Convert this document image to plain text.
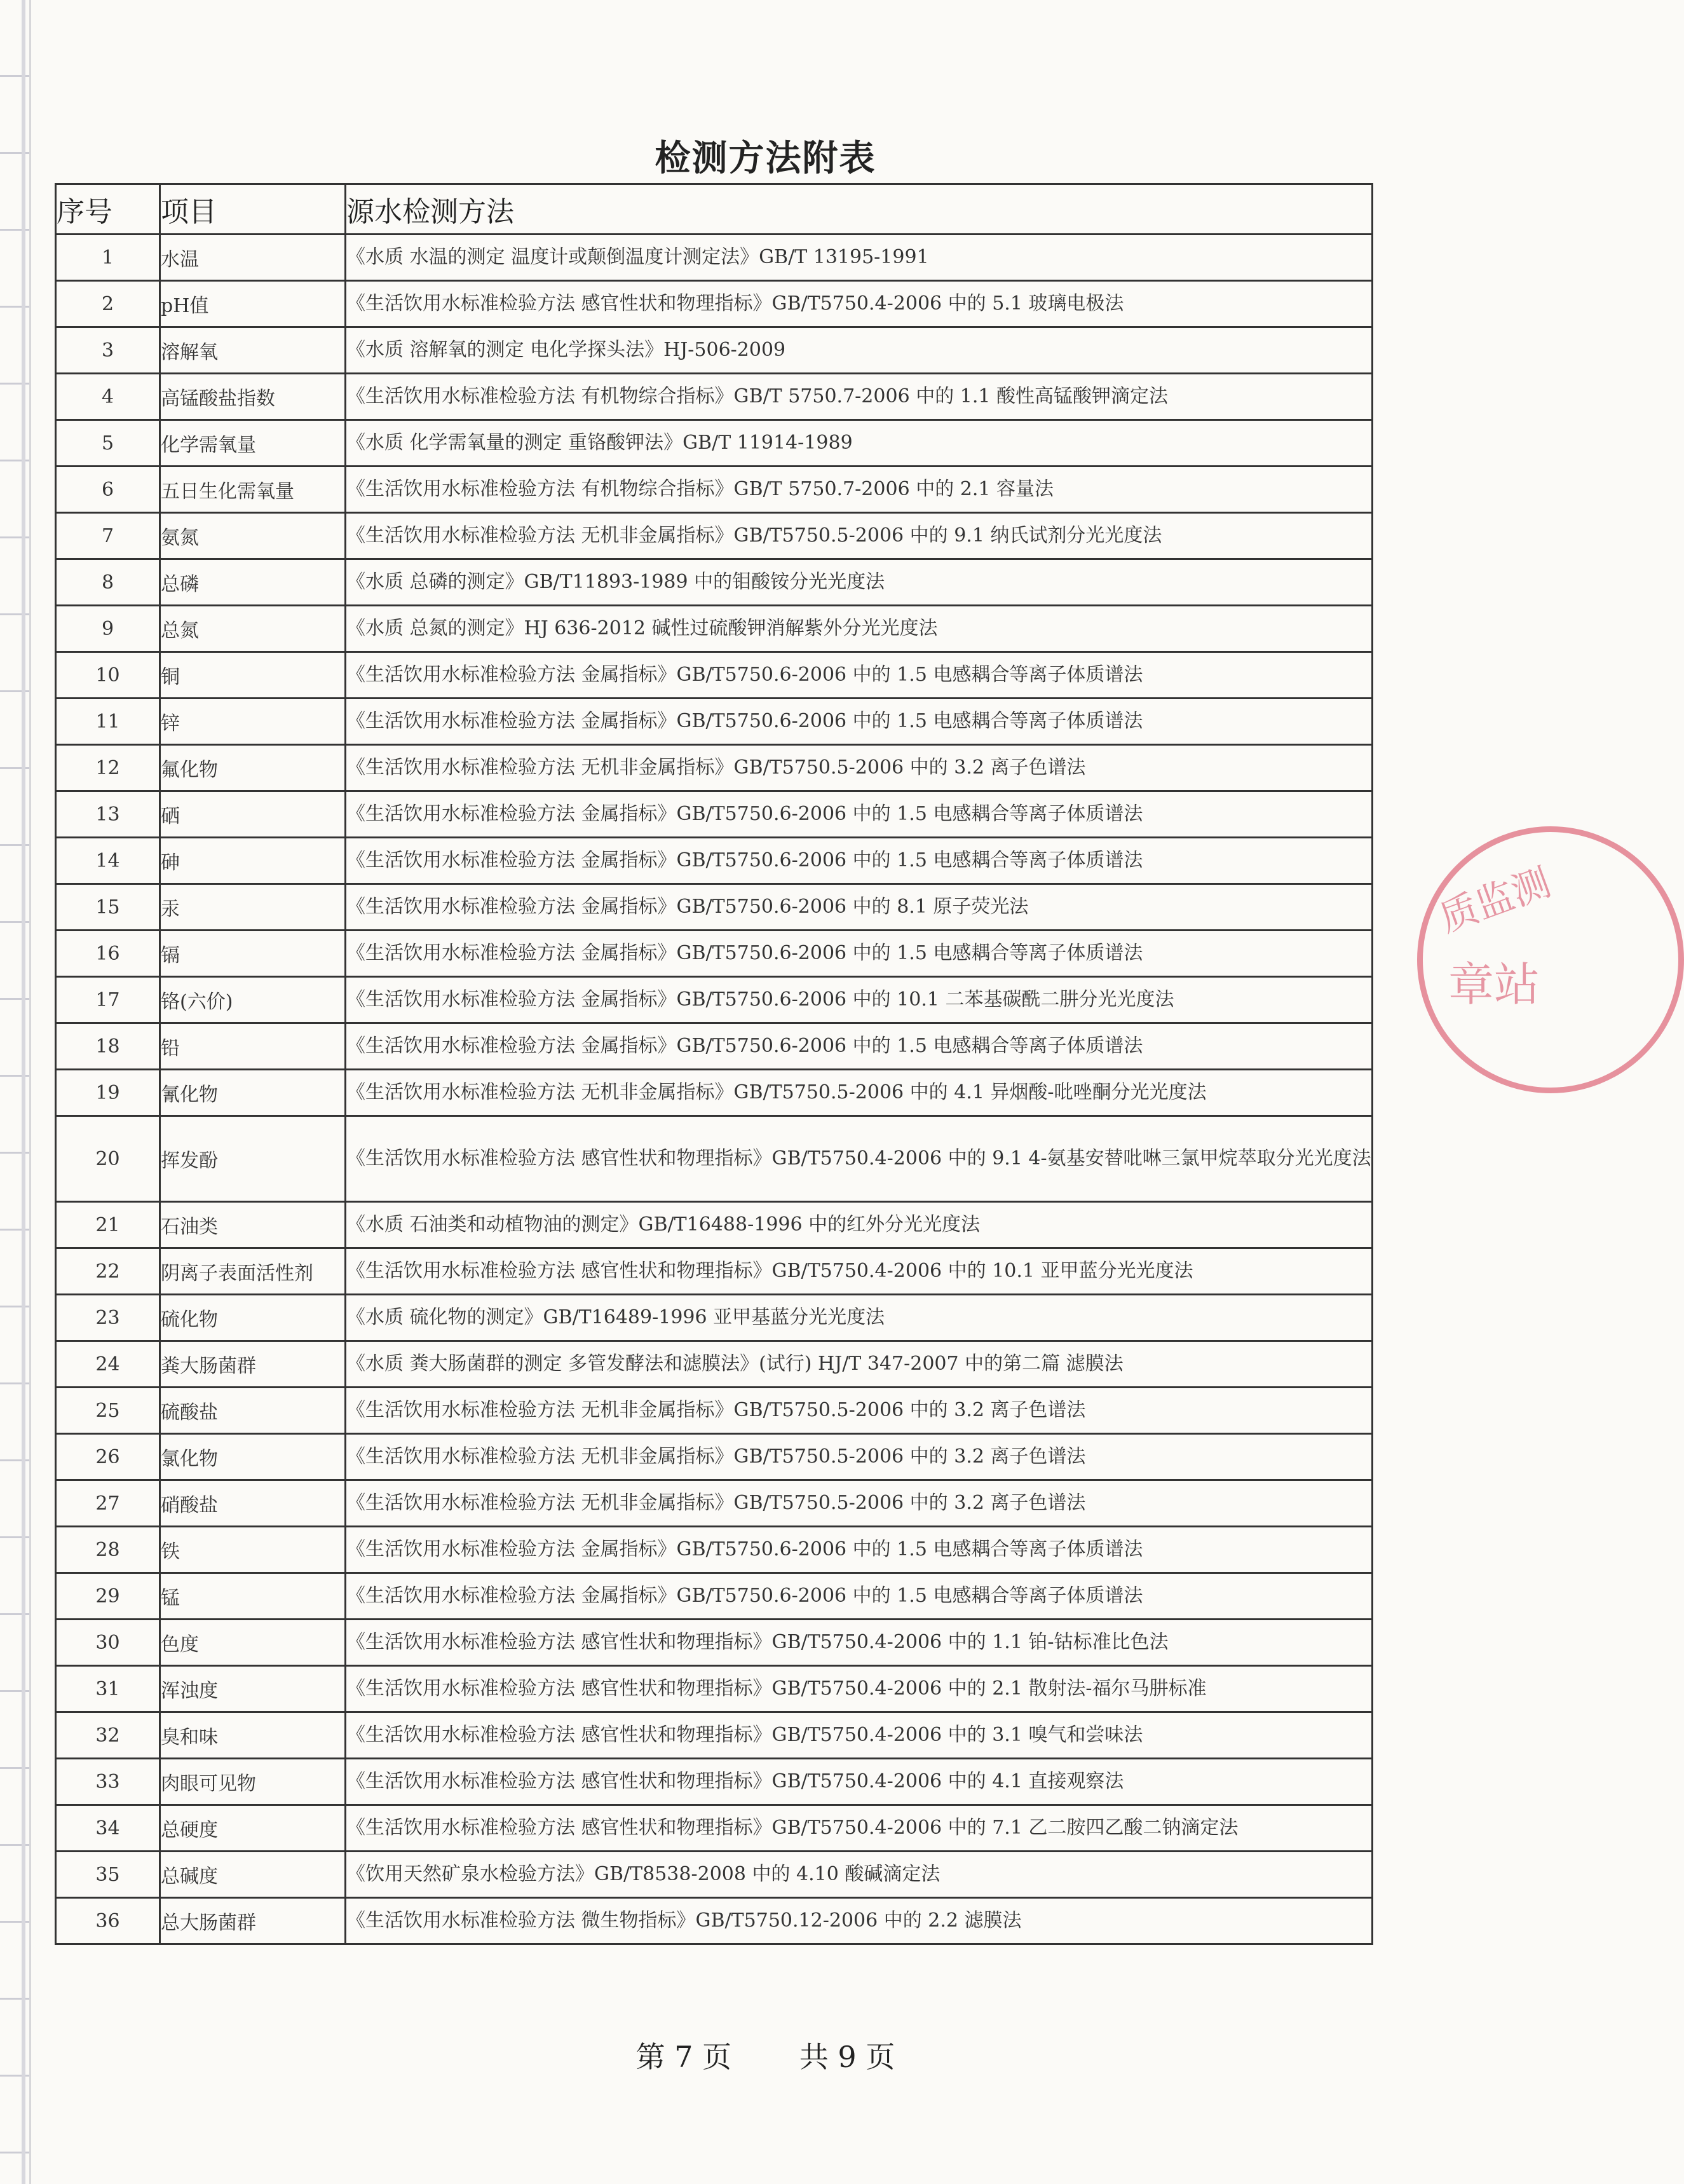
检测方法附表
序号	项目	源水检测方法
1	水温	《水质 水温的测定 温度计或颠倒温度计测定法》GB/T 13195-1991
2	pH值	《生活饮用水标准检验方法 感官性状和物理指标》GB/T5750.4-2006 中的 5.1 玻璃电极法
3	溶解氧	《水质 溶解氧的测定 电化学探头法》HJ-506-2009
4	高锰酸盐指数	《生活饮用水标准检验方法 有机物综合指标》GB/T 5750.7-2006 中的 1.1 酸性高锰酸钾滴定法
5	化学需氧量	《水质 化学需氧量的测定 重铬酸钾法》GB/T 11914-1989
6	五日生化需氧量	《生活饮用水标准检验方法 有机物综合指标》GB/T 5750.7-2006 中的 2.1 容量法
7	氨氮	《生活饮用水标准检验方法 无机非金属指标》GB/T5750.5-2006 中的 9.1 纳氏试剂分光光度法
8	总磷	《水质 总磷的测定》GB/T11893-1989 中的钼酸铵分光光度法
9	总氮	《水质 总氮的测定》HJ 636-2012 碱性过硫酸钾消解紫外分光光度法
10	铜	《生活饮用水标准检验方法 金属指标》GB/T5750.6-2006 中的 1.5 电感耦合等离子体质谱法
11	锌	《生活饮用水标准检验方法 金属指标》GB/T5750.6-2006 中的 1.5 电感耦合等离子体质谱法
12	氟化物	《生活饮用水标准检验方法 无机非金属指标》GB/T5750.5-2006 中的 3.2 离子色谱法
13	硒	《生活饮用水标准检验方法 金属指标》GB/T5750.6-2006 中的 1.5 电感耦合等离子体质谱法
14	砷	《生活饮用水标准检验方法 金属指标》GB/T5750.6-2006 中的 1.5 电感耦合等离子体质谱法
15	汞	《生活饮用水标准检验方法 金属指标》GB/T5750.6-2006 中的 8.1 原子荧光法
16	镉	《生活饮用水标准检验方法 金属指标》GB/T5750.6-2006 中的 1.5 电感耦合等离子体质谱法
17	铬(六价)	《生活饮用水标准检验方法 金属指标》GB/T5750.6-2006 中的 10.1 二苯基碳酰二肼分光光度法
18	铅	《生活饮用水标准检验方法 金属指标》GB/T5750.6-2006 中的 1.5 电感耦合等离子体质谱法
19	氰化物	《生活饮用水标准检验方法 无机非金属指标》GB/T5750.5-2006 中的 4.1 异烟酸-吡唑酮分光光度法
20	挥发酚	《生活饮用水标准检验方法 感官性状和物理指标》GB/T5750.4-2006 中的 9.1 4-氨基安替吡啉三氯甲烷萃取分光光度法
21	石油类	《水质 石油类和动植物油的测定》GB/T16488-1996 中的红外分光光度法
22	阴离子表面活性剂	《生活饮用水标准检验方法 感官性状和物理指标》GB/T5750.4-2006 中的 10.1 亚甲蓝分光光度法
23	硫化物	《水质 硫化物的测定》GB/T16489-1996 亚甲基蓝分光光度法
24	粪大肠菌群	《水质 粪大肠菌群的测定 多管发酵法和滤膜法》(试行) HJ/T 347-2007 中的第二篇 滤膜法
25	硫酸盐	《生活饮用水标准检验方法 无机非金属指标》GB/T5750.5-2006 中的 3.2 离子色谱法
26	氯化物	《生活饮用水标准检验方法 无机非金属指标》GB/T5750.5-2006 中的 3.2 离子色谱法
27	硝酸盐	《生活饮用水标准检验方法 无机非金属指标》GB/T5750.5-2006 中的 3.2 离子色谱法
28	铁	《生活饮用水标准检验方法 金属指标》GB/T5750.6-2006 中的 1.5 电感耦合等离子体质谱法
29	锰	《生活饮用水标准检验方法 金属指标》GB/T5750.6-2006 中的 1.5 电感耦合等离子体质谱法
30	色度	《生活饮用水标准检验方法 感官性状和物理指标》GB/T5750.4-2006 中的 1.1 铂-钴标准比色法
31	浑浊度	《生活饮用水标准检验方法 感官性状和物理指标》GB/T5750.4-2006 中的 2.1 散射法-福尔马肼标准
32	臭和味	《生活饮用水标准检验方法 感官性状和物理指标》GB/T5750.4-2006 中的 3.1 嗅气和尝味法
33	肉眼可见物	《生活饮用水标准检验方法 感官性状和物理指标》GB/T5750.4-2006 中的 4.1 直接观察法
34	总硬度	《生活饮用水标准检验方法 感官性状和物理指标》GB/T5750.4-2006 中的 7.1 乙二胺四乙酸二钠滴定法
35	总碱度	《饮用天然矿泉水检验方法》GB/T8538-2008 中的 4.10 酸碱滴定法
36	总大肠菌群	《生活饮用水标准检验方法 微生物指标》GB/T5750.12-2006 中的 2.2 滤膜法
第 7 页 共 9 页
质监测
章站
